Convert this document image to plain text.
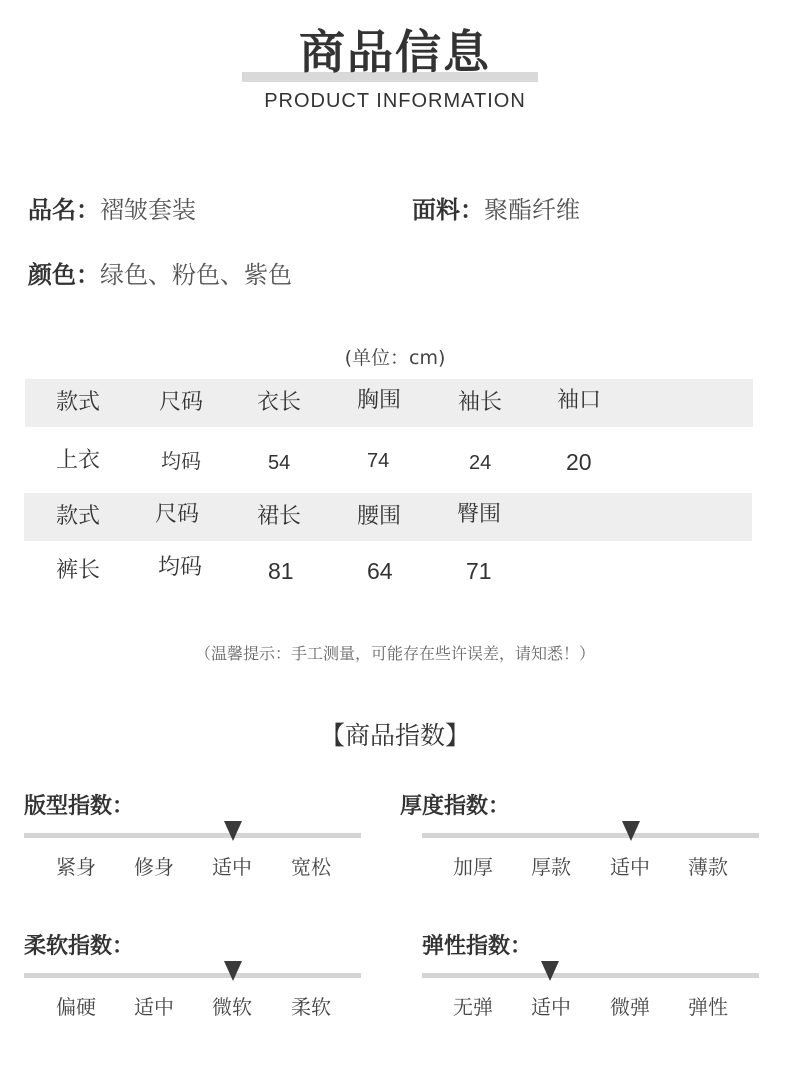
商品信息
PRODUCT INFORMATION
品名：褶皱套装	面料：聚酯纤维
颜色：绿色、粉色、紫色
(单位：cm)
款式	尺码 衣长	胸围	袖长 袖口
上衣	均码	54	74	24	20
款式 尺码	裙长	腰围	臀围
裤长	均码	81	64	71
（温馨提示：手工测量，可能存在些许误差，请知悉！）
【商品指数】
版型指数：
紧身	修身	适中	宽松
厚度指数：
加厚	厚款	适中	薄款
柔软指数：
偏硬	适中	微软	柔软
弹性指数：
无弹	适中	微弹	弹性
